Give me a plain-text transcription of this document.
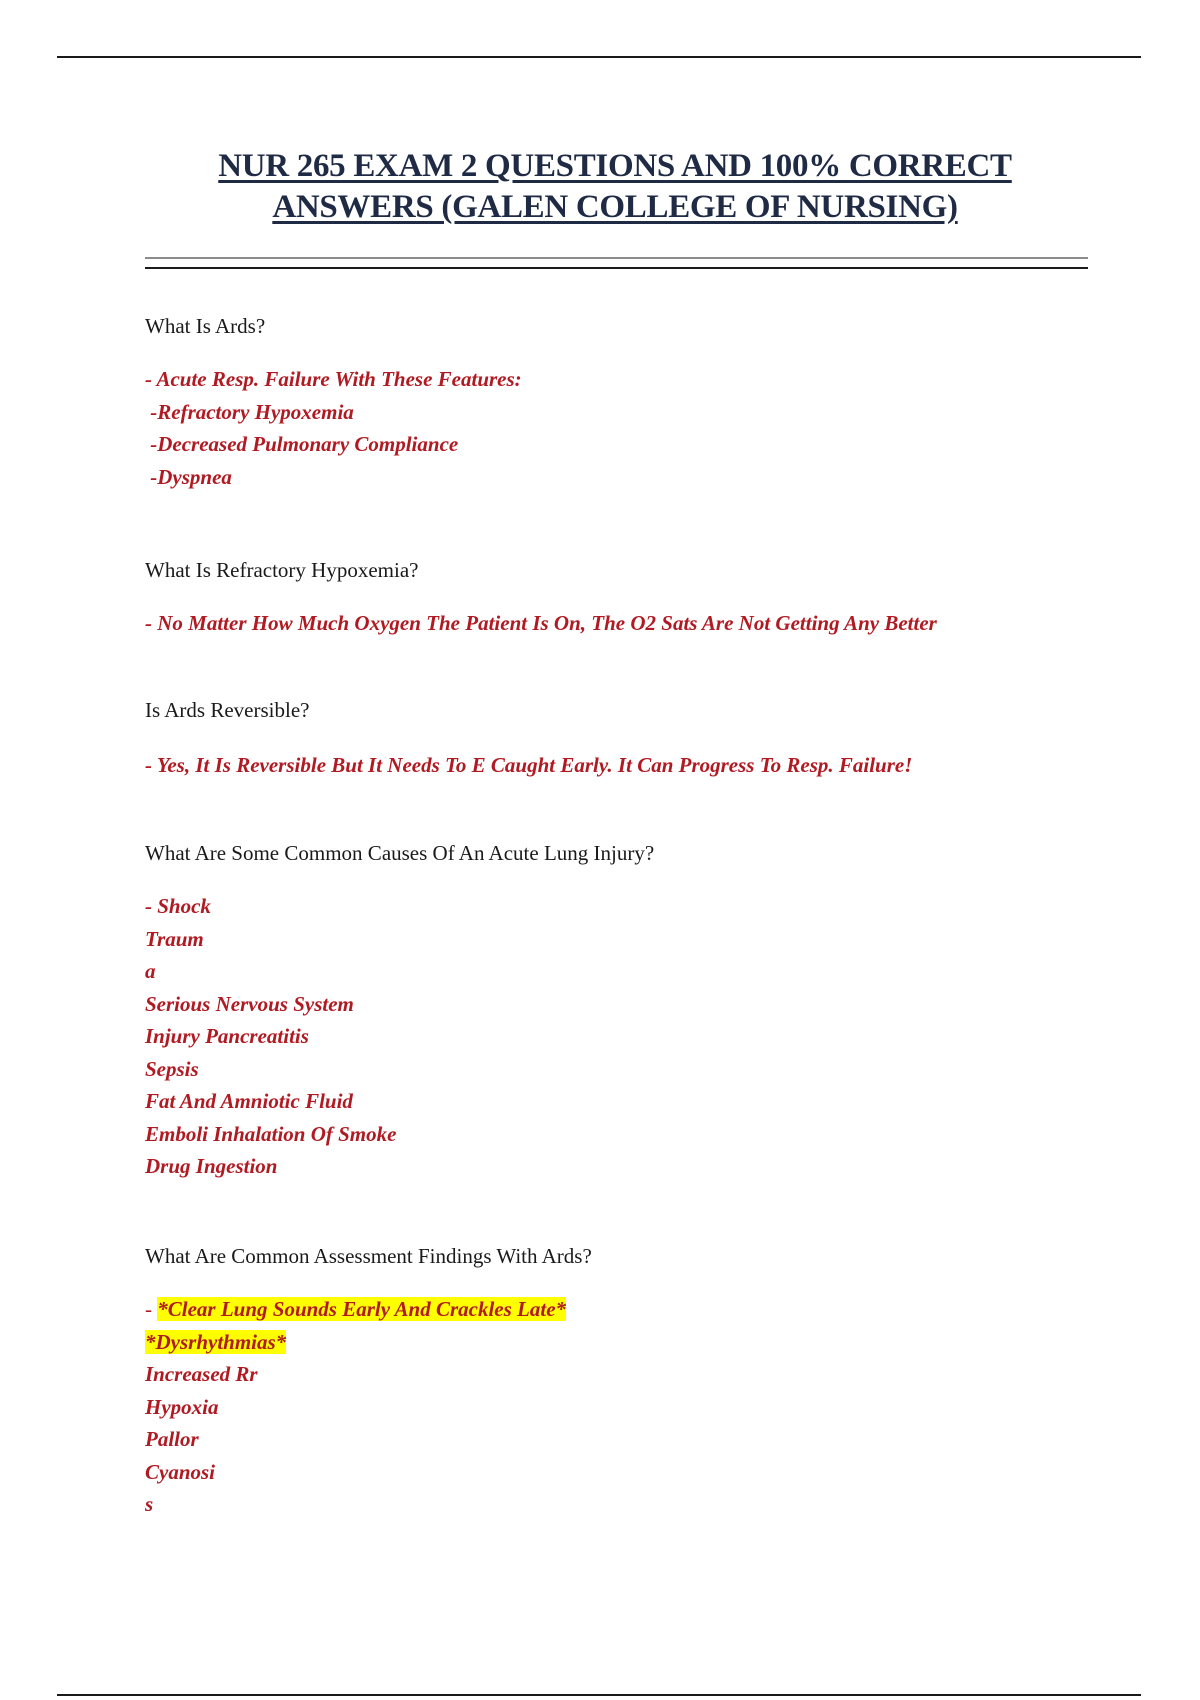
NUR 265 EXAM 2 QUESTIONS AND 100% CORRECT
ANSWERS (GALEN COLLEGE OF NURSING)

What Is Ards?

- Acute Resp. Failure With These Features:
-Refractory Hypoxemia
-Decreased Pulmonary Compliance
-Dyspnea

What Is Refractory Hypoxemia?

- No Matter How Much Oxygen The Patient Is On, The O2 Sats Are Not Getting Any Better

Is Ards Reversible?

- Yes, It Is Reversible But It Needs To E Caught Early. It Can Progress To Resp. Failure!

What Are Some Common Causes Of An Acute Lung Injury?

- Shock
Traum
a
Serious Nervous System
Injury Pancreatitis
Sepsis
Fat And Amniotic Fluid
Emboli Inhalation Of Smoke
Drug Ingestion

What Are Common Assessment Findings With Ards?

- *Clear Lung Sounds Early And Crackles Late*
*Dysrhythmias*
Increased Rr
Hypoxia
Pallor
Cyanosi
s
